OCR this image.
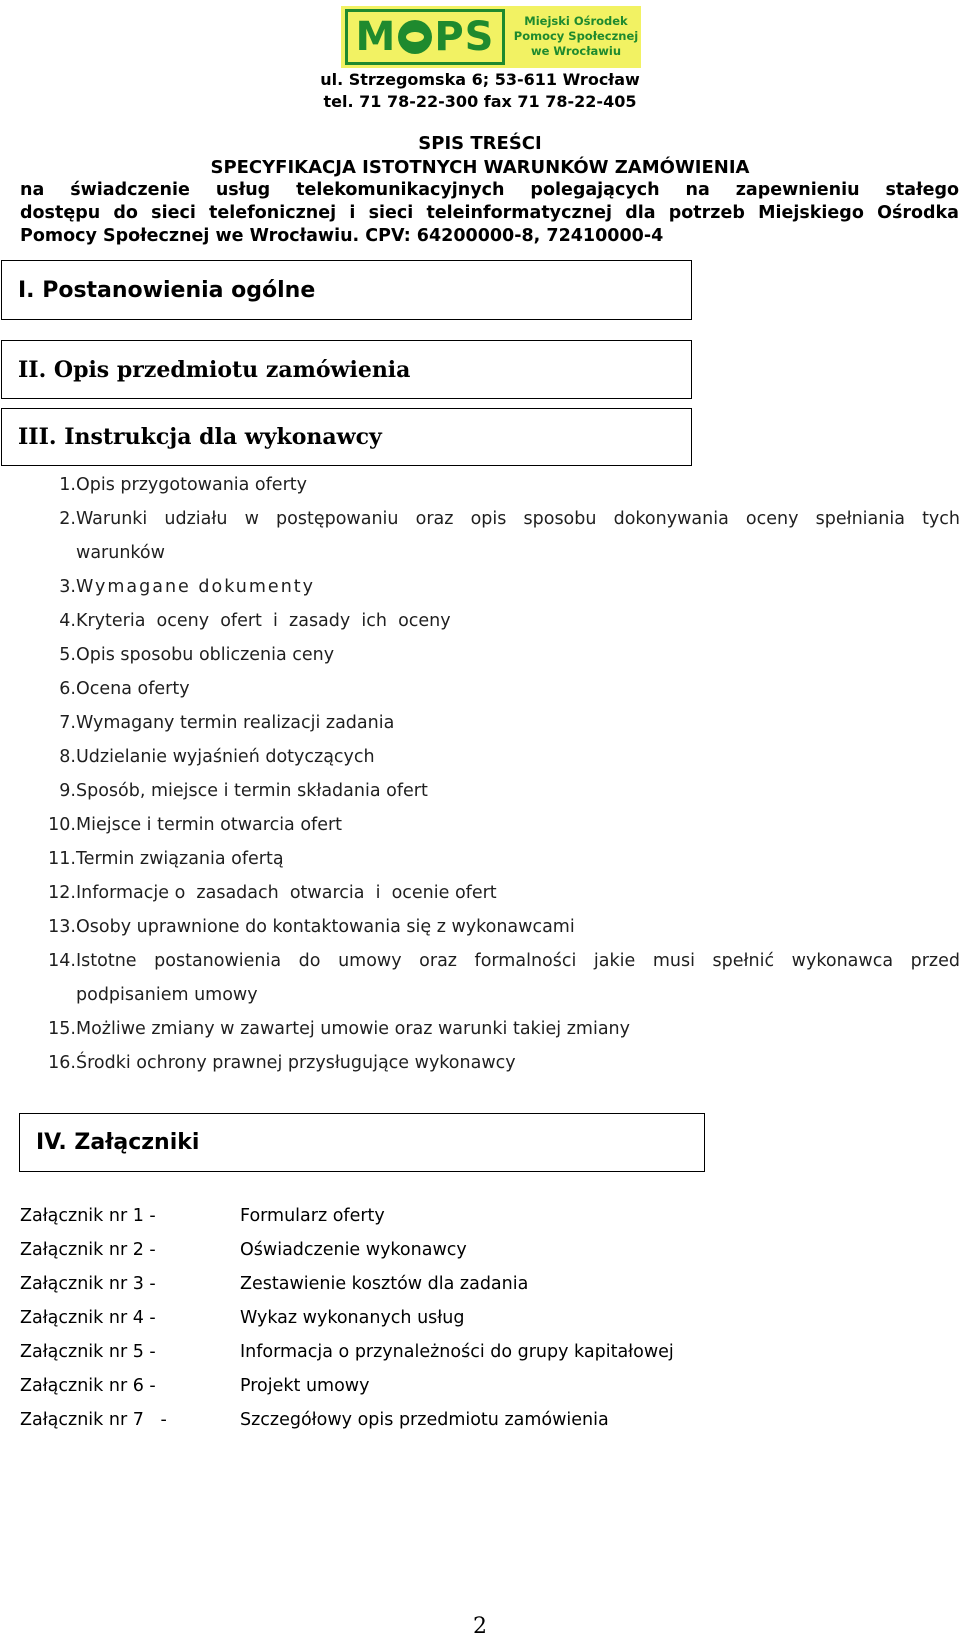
M PS	Miejski Ośrodek
Pomocy Społecznej
we Wrocławiu
ul. Strzegomska 6; 53-611 Wrocław
tel. 71 78-22-300 fax 71 78-22-405
SPIS TREŚCI
SPECYFIKACJA ISTOTNYCH WARUNKÓW ZAMÓWIENIA
na świadczenie usług telekomunikacyjnych polegających na zapewnieniu stałego
dostępu do sieci telefonicznej i sieci teleinformatycznej dla potrzeb Miejskiego Ośrodka
Pomocy Społecznej we Wrocławiu. CPV: 64200000-8, 72410000-4
I. Postanowienia ogólne
II. Opis przedmiotu zamówienia
III. Instrukcja dla wykonawcy
1. Opis przygotowania oferty
2. Warunki udziału w postępowaniu oraz opis sposobu dokonywania oceny spełniania tych
warunków
3. Wymagane dokumenty
4. Kryteria  oceny  ofert  i  zasady  ich  oceny
5. Opis sposobu obliczenia ceny
6. Ocena oferty
7. Wymagany termin realizacji zadania
8. Udzielanie wyjaśnień dotyczących
9. Sposób, miejsce i termin składania ofert
10. Miejsce i termin otwarcia ofert
11. Termin związania ofertą
12. Informacje o  zasadach  otwarcia  i  ocenie ofert
13. Osoby uprawnione do kontaktowania się z wykonawcami
14. Istotne postanowienia do umowy oraz formalności jakie musi spełnić wykonawca przed
podpisaniem umowy
15. Możliwe zmiany w zawartej umowie oraz warunki takiej zmiany
16. Środki ochrony prawnej przysługujące wykonawcy
IV. Załączniki
Załącznik nr 1 -	Formularz oferty
Załącznik nr 2 -	Oświadczenie wykonawcy
Załącznik nr 3 -	Zestawienie kosztów dla zadania
Załącznik nr 4 -	Wykaz wykonanych usług
Załącznik nr 5 -	Informacja o przynależności do grupy kapitałowej
Załącznik nr 6 -	Projekt umowy
Załącznik nr 7   -	Szczegółowy opis przedmiotu zamówienia
2
